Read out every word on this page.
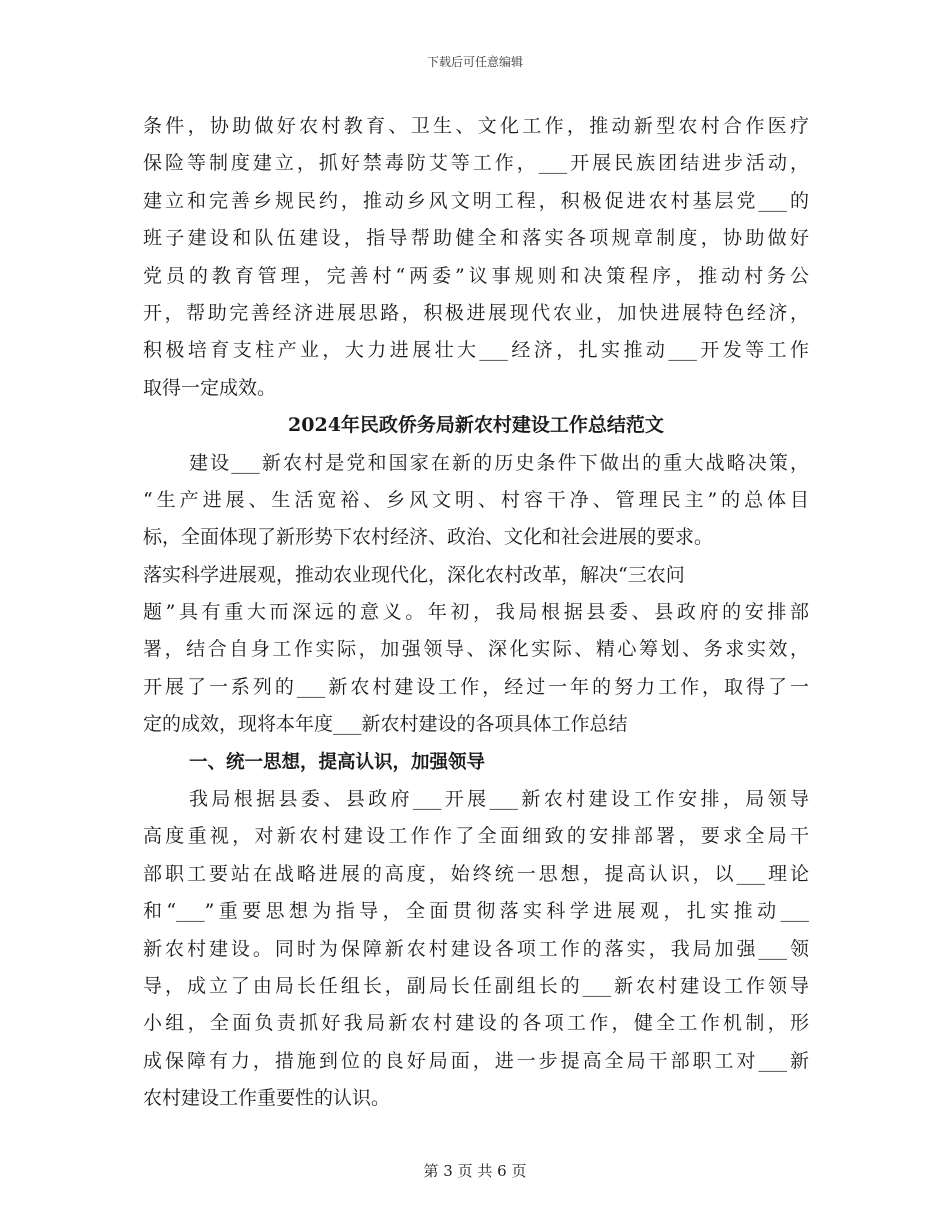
下载后可任意编辑
条件，协助做好农村教育、卫生、文化工作，推动新型农村合作医疗
保险等制度建立，抓好禁毒防艾等工作，___开展民族团结进步活动，
建立和完善乡规民约，推动乡风文明工程，积极促进农村基层党___的
班子建设和队伍建设，指导帮助健全和落实各项规章制度，协助做好
党员的教育管理，完善村“两委”议事规则和决策程序，推动村务公
开，帮助完善经济进展思路，积极进展现代农业，加快进展特色经济，
积极培育支柱产业，大力进展壮大___经济，扎实推动___开发等工作
取得一定成效。
2024年民政侨务局新农村建设工作总结范文
建设___新农村是党和国家在新的历史条件下做出的重大战略决策，
“生产进展、生活宽裕、乡风文明、村容干净、管理民主”的总体目
标，全面体现了新形势下农村经济、政治、文化和社会进展的要求。
落实科学进展观，推动农业现代化，深化农村改革，解决“三农问
题”具有重大而深远的意义。年初，我局根据县委、县政府的安排部
署，结合自身工作实际，加强领导、深化实际、精心筹划、务求实效，
开展了一系列的___新农村建设工作，经过一年的努力工作，取得了一
定的成效，现将本年度___新农村建设的各项具体工作总结
一、统一思想，提高认识，加强领导
我局根据县委、县政府___开展___新农村建设工作安排，局领导
高度重视，对新农村建设工作作了全面细致的安排部署，要求全局干
部职工要站在战略进展的高度，始终统一思想，提高认识，以___理论
和“___”重要思想为指导，全面贯彻落实科学进展观，扎实推动___
新农村建设。同时为保障新农村建设各项工作的落实，我局加强___领
导，成立了由局长任组长，副局长任副组长的___新农村建设工作领导
小组，全面负责抓好我局新农村建设的各项工作，健全工作机制，形
成保障有力，措施到位的良好局面，进一步提高全局干部职工对___新
农村建设工作重要性的认识。
第 3 页 共 6 页
